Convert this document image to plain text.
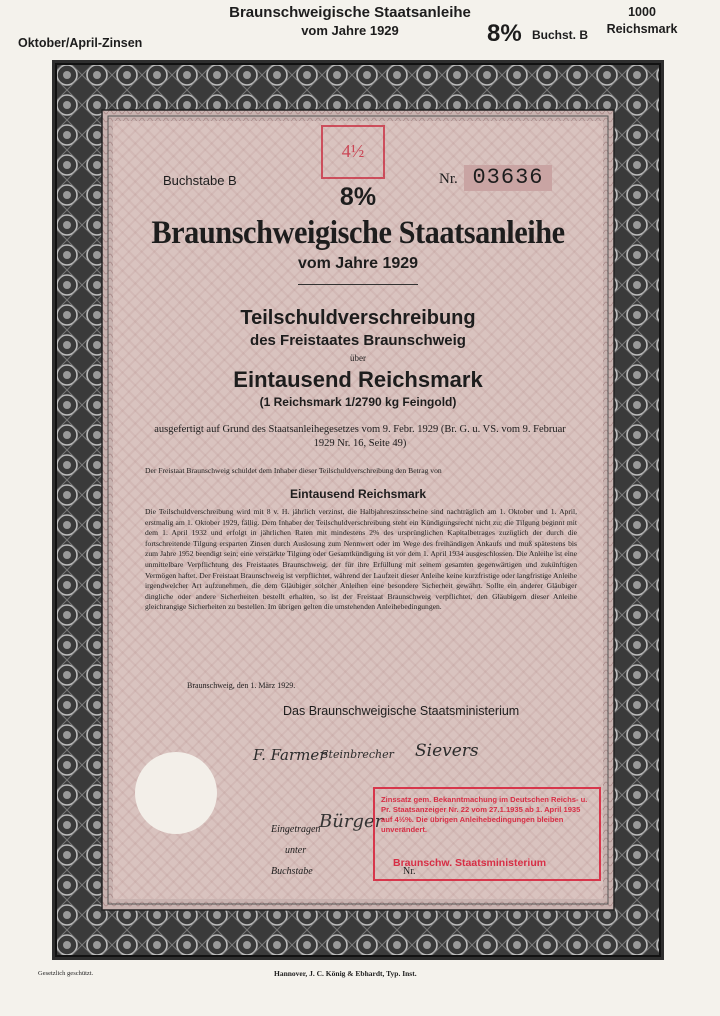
Oktober/April-Zinsen
Braunschweigische Staatsanleihe
vom Jahre 1929	8% Buchst. B
1000
Reichsmark
4½
Buchstabe B	Nr. 03636
8%
Braunschweigische Staatsanleihe
vom Jahre 1929
Teilschuldverschreibung
des Freistaates Braunschweig
über
Eintausend Reichsmark
(1 Reichsmark 1/2790 kg Feingold)
ausgefertigt auf Grund des Staatsanleihegesetzes vom 9. Febr. 1929 (Br. G. u. VS. vom 9. Februar 1929 Nr. 16, Seite 49)
Der Freistaat Braunschweig schuldet dem Inhaber dieser Teilschuldverschreibung den Betrag von
Eintausend Reichsmark
Die Teilschuldverschreibung wird mit 8 v. H. jährlich verzinst, die Halbjahreszinsscheine sind nachträglich am 1. Oktober und 1. April, erstmalig am 1. Oktober 1929, fällig. Dem Inhaber der Teilschuldverschreibung steht ein Kündigungsrecht nicht zu; die Tilgung beginnt mit dem 1. April 1932 und erfolgt in jährlichen Raten mit mindestens 2% des ursprünglichen Kapitalbetrages zuzüglich der durch die fortschreitende Tilgung ersparten Zinsen durch Auslosung zum Nennwert oder im Wege des freihändigen Ankaufs und muß spätestens bis zum Jahre 1952 beendigt sein; eine verstärkte Tilgung oder Gesamtkündigung ist vor dem 1. April 1934 ausgeschlossen. Die Anleihe ist eine unmittelbare Verpflichtung des Freistaates Braunschweig, der für ihre Erfüllung mit seinem gesamten gegenwärtigen und zukünftigen Vermögen haftet. Der Freistaat Braunschweig ist verpflichtet, während der Laufzeit dieser Anleihe keine kurzfristige oder langfristige Anleihe irgendwelcher Art aufzunehmen, die dem Gläubiger solcher Anleihen eine besondere Sicherheit gewährt. Sollte ein anderer Gläubiger dingliche oder andere Sicherheiten bestellt erhalten, so ist der Freistaat Braunschweig verpflichtet, den Gläubigern dieser Anleihe gleichrangige Sicherheiten zu bestellen. Im übrigen gelten die umstehenden Anleihebedingungen.
Braunschweig, den 1. März 1929.
Das Braunschweigische Staatsministerium
F. Farmer
Steinbrecher Sievers
Eingetragen
Bürger
unter
Buchstabe	Nr.
Zinssatz gem. Bekanntmachung im Deutschen Reichs- u. Pr. Staatsanzeiger Nr. 22 vom 27.1.1935 ab 1. April 1935 auf 4½%. Die übrigen Anleihebedingungen bleiben unverändert.
Braunschw. Staatsministerium
Gesetzlich geschützt.	Hannover, J. C. König & Ebhardt, Typ. Inst.
